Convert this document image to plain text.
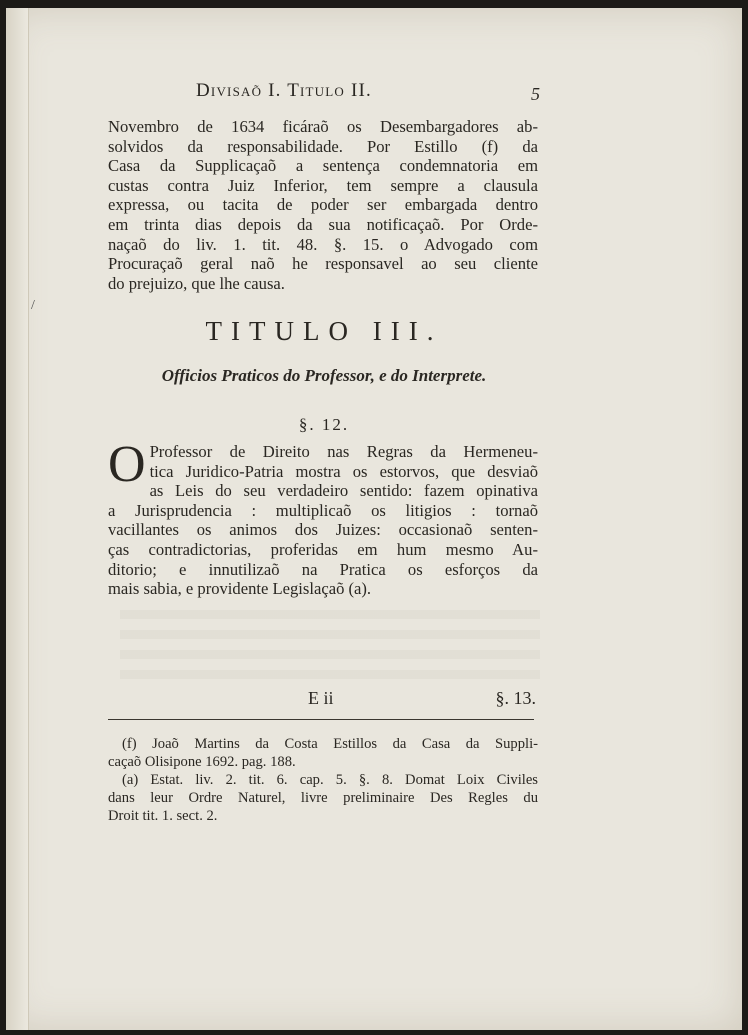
/
Divisaõ I. Titulo II.	5

Novembro de 1634 ficáraõ os Desembargadores ab-
solvidos da responsabilidade. Por Estillo (f) da
Casa da Supplicaçaõ a sentença condemnatoria em
custas contra Juiz Inferior, tem sempre a clausula
expressa, ou tacita de poder ser embargada dentro
em trinta dias depois da sua notificaçaõ. Por Orde-
naçaõ do liv. 1. tit. 48. §. 15. o Advogado com
Procuraçaõ geral naõ he responsavel ao seu cliente
do prejuizo, que lhe causa.

TITULO III.
Officios Praticos do Professor, e do Interprete.
§. 12.
O Professor de Direito nas Regras da Hermeneu-
tica Juridico-Patria mostra os estorvos, que desviaõ
as Leis do seu verdadeiro sentido: fazem opinativa
a Jurisprudencia : multiplicaõ os litigios : tornaõ
vacillantes os animos dos Juizes: occasionaõ senten-
ças contradictorias, proferidas em hum mesmo Au-
ditorio; e innutilizaõ na Pratica os esforços da
mais sabia, e providente Legislaçaõ (a).

E ii	§. 13.
(f) Joaõ Martins da Costa Estillos da Casa da Suppli-
caçaõ Olisipone 1692. pag. 188.
(a) Estat. liv. 2. tit. 6. cap. 5. §. 8. Domat Loix Civiles
dans leur Ordre Naturel, livre preliminaire Des Regles du
Droit tit. 1. sect. 2.
